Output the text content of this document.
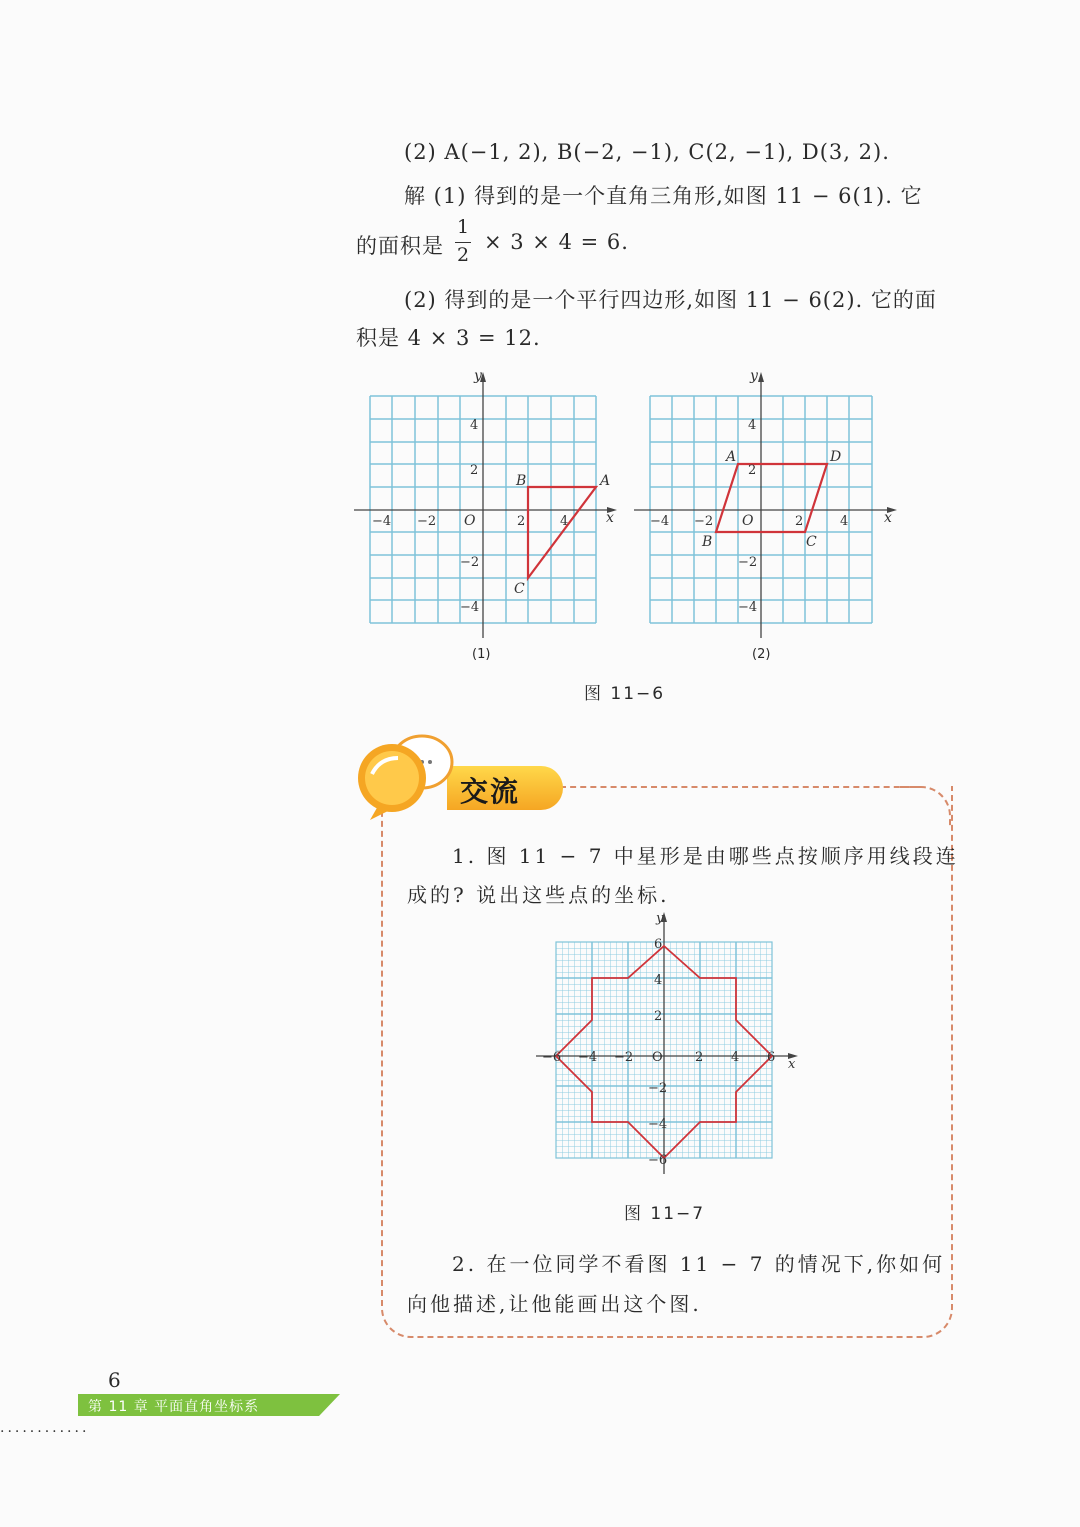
(2) A(−1, 2), B(−2, −1), C(2, −1), D(3, 2).
解 (1) 得到的是一个直角三角形,如图 11 − 6(1). 它
的面积是
1
2
× 3 × 4 = 6.
(2) 得到的是一个平行四边形,如图 11 − 6(2). 它的面
积是 4 × 3 = 12.
y
x
A
B
C
O
−4 −2	2	4
4
2
−2
−4
(1)
y
x
A
B	C
D
O
−4 −2	2	4
4
2
−2
−4
(2)
图 11−6
交流
1. 图 11 − 7 中星形是由哪些点按顺序用线段连
成的? 说出这些点的坐标.
y
x
−6 −4 −2 O 2 4 6
6
4
2
−2
−4
−6
图 11−7
2. 在一位同学不看图 11 − 7 的情况下,你如何
向他描述,让他能画出这个图.
6
第 11 章 平面直角坐标系
............
